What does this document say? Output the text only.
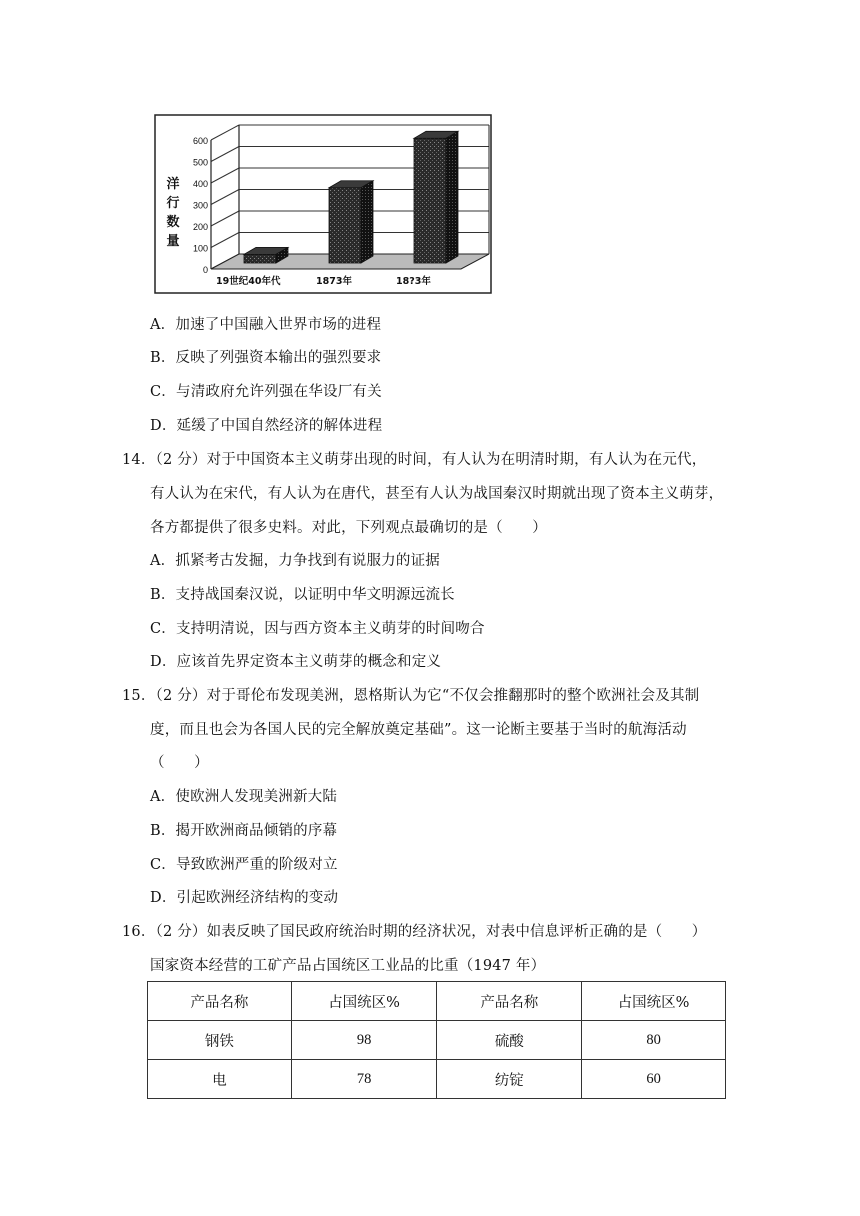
0
100
200
300
400
500
600
19世纪40年代	1873年	18?3年
洋
行
数
量
A．加速了中国融入世界市场的进程
B．反映了列强资本输出的强烈要求
C．与清政府允许列强在华设厂有关
D．延缓了中国自然经济的解体进程
14．（2 分）对于中国资本主义萌芽出现的时间，有人认为在明清时期，有人认为在元代，
有人认为在宋代，有人认为在唐代，甚至有人认为战国秦汉时期就出现了资本主义萌芽，
各方都提供了很多史料。对此，下列观点最确切的是（　　）
A．抓紧考古发掘，力争找到有说服力的证据
B．支持战国秦汉说，以证明中华文明源远流长
C．支持明清说，因与西方资本主义萌芽的时间吻合
D．应该首先界定资本主义萌芽的概念和定义
15．（2 分）对于哥伦布发现美洲，恩格斯认为它“不仅会推翻那时的整个欧洲社会及其制
度，而且也会为各国人民的完全解放奠定基础”。这一论断主要基于当时的航海活动
（　　）
A．使欧洲人发现美洲新大陆
B．揭开欧洲商品倾销的序幕
C．导致欧洲严重的阶级对立
D．引起欧洲经济结构的变动
16．（2 分）如表反映了国民政府统治时期的经济状况，对表中信息评析正确的是（　　）
国家资本经营的工矿产品占国统区工业品的比重（1947 年）
产品名称	占国统区%	产品名称	占国统区%
钢铁	98	硫酸	80
电	78	纺锭	60
